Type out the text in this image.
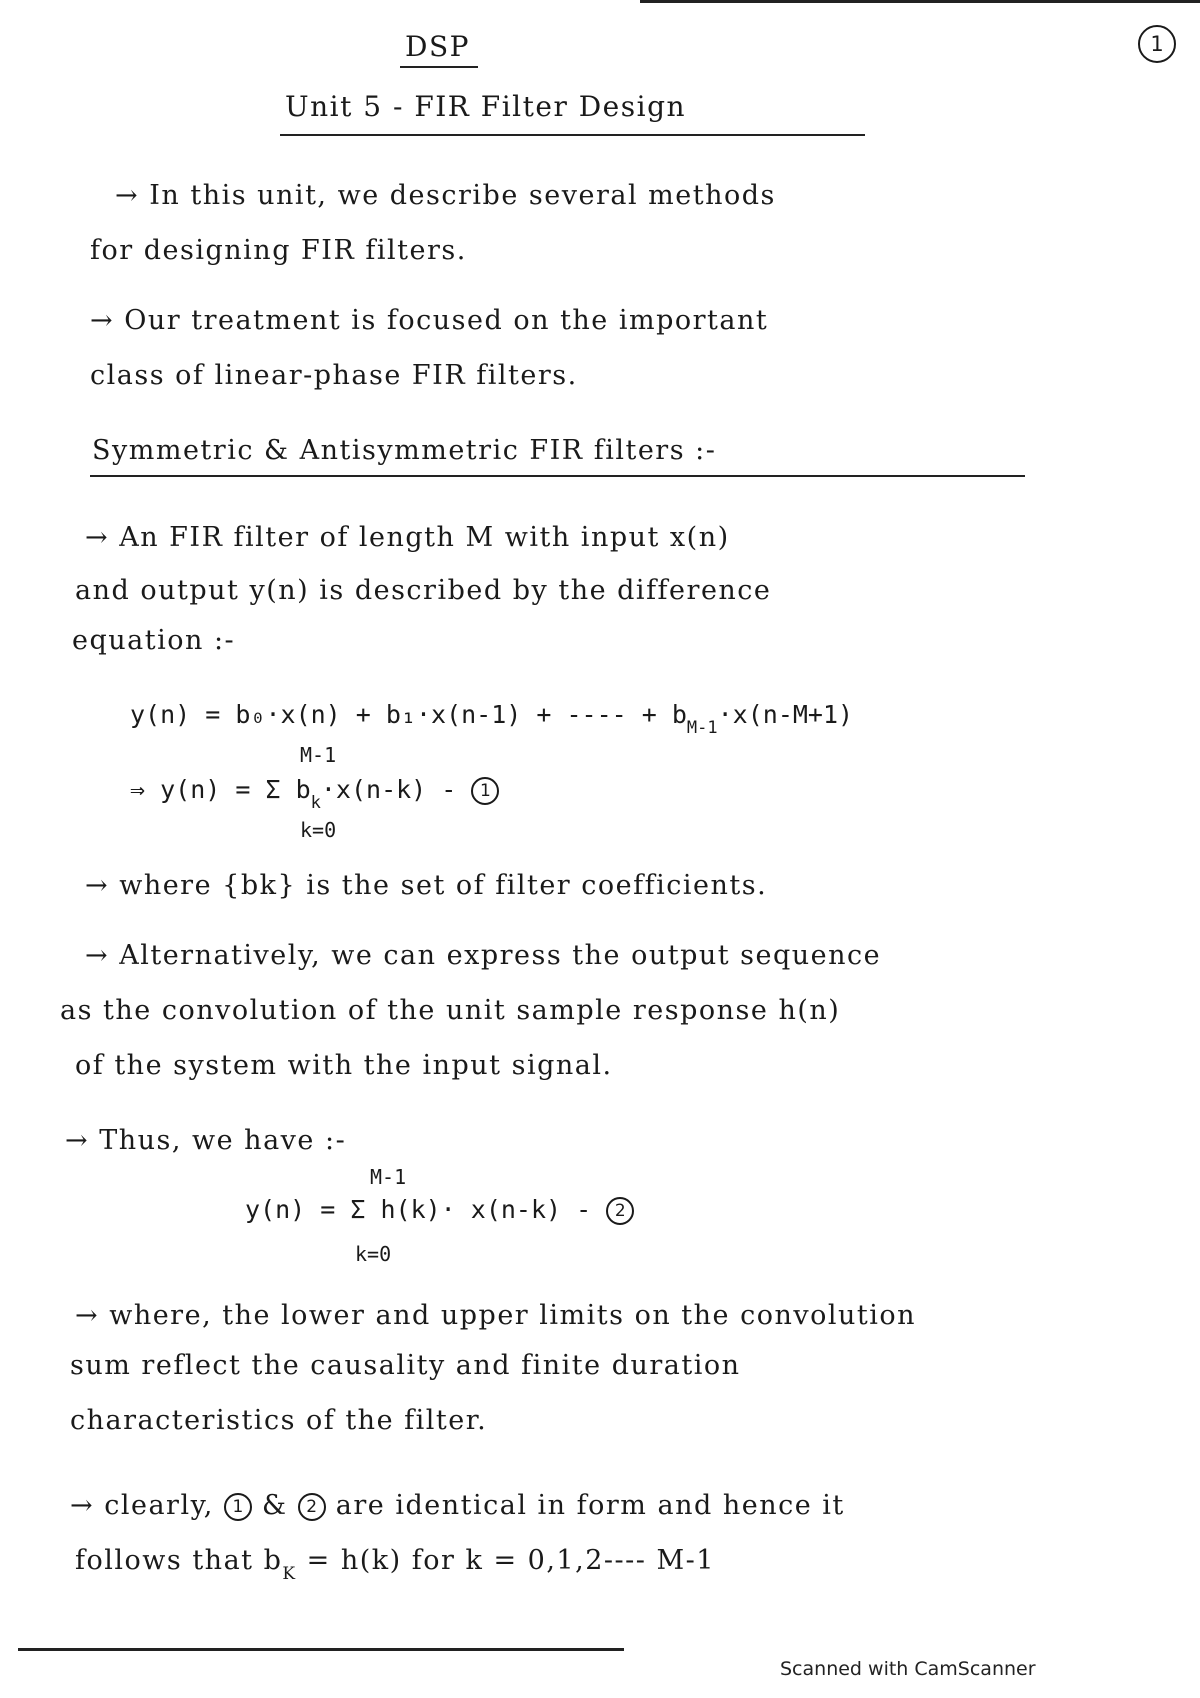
DSP	1
Unit 5 - FIR Filter Design
→ In this unit, we describe several methods
for designing FIR filters.
→ Our treatment is focused on the important
class of linear-phase FIR filters.
Symmetric & Antisymmetric FIR filters :-
→ An FIR filter of length M with input x(n)
and output y(n) is described by the difference
equation :-
y(n) = b₀·x(n) + b₁·x(n-1) + ---- + $b_{M-1}\cdot x(n-M+1)$
M-1
⇒ y(n) = Σ $b_k\cdot x(n-k) - 1$
k=0
→ where {bk} is the set of filter coefficients.
→ Alternatively, we can express the output sequence
as the convolution of the unit sample response h(n)
of the system with the input signal.
→ Thus, we have :-
M-1
y(n) = Σ h(k)· x(n-k) - 2
k=0
→ where, the lower and upper limits on the convolution
sum reflect the causality and finite duration
characteristics of the filter.
→ clearly, 1 & 2 are identical in form and hence it
follows that $b_K = h(k)$ for k = 0,1,2---- M-1
Scanned with CamScanner
